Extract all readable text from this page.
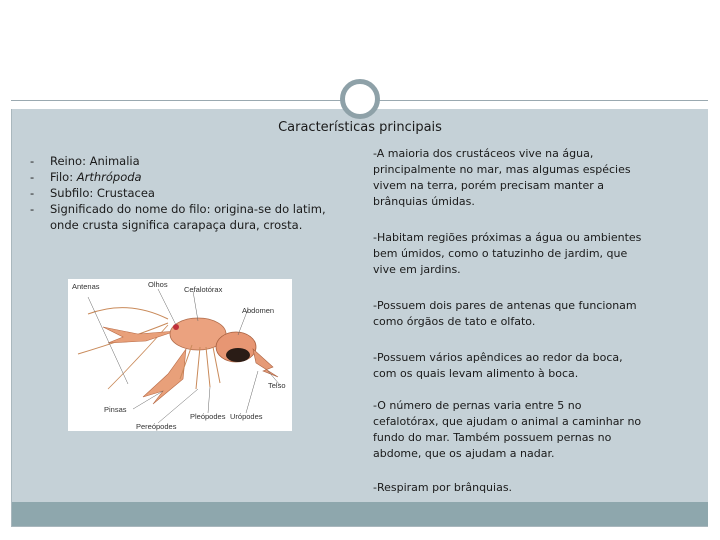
Características principais
- Reino: Animalia
- Filo: Arthrópoda
- Subfilo: Crustacea
- Significado do nome do filo: origina-se do latim, onde crusta significa carapaça dura, crosta.

-A maioria dos crustáceos vive na água, principalmente no mar, mas algumas espécies vivem na terra, porém precisam manter a brânquias úmidas.

-Habitam regiões próximas a água ou ambientes bem úmidos, como o tatuzinho de jardim, que vive em jardins.

-Possuem dois pares de antenas que funcionam como órgãos de tato e olfato.

-Possuem vários apêndices ao redor da boca, com os quais levam alimento à boca.

-O número de pernas varia entre 5 no cefalotórax, que ajudam o animal a caminhar no fundo do mar. Também possuem pernas no abdome, que os ajudam a nadar.

-Respiram por brânquias.

Antenas	Olhos
Cefalotórax
Abdomen
Telso
Pinsas
Pleópodes Urópodes
Pereópodes
